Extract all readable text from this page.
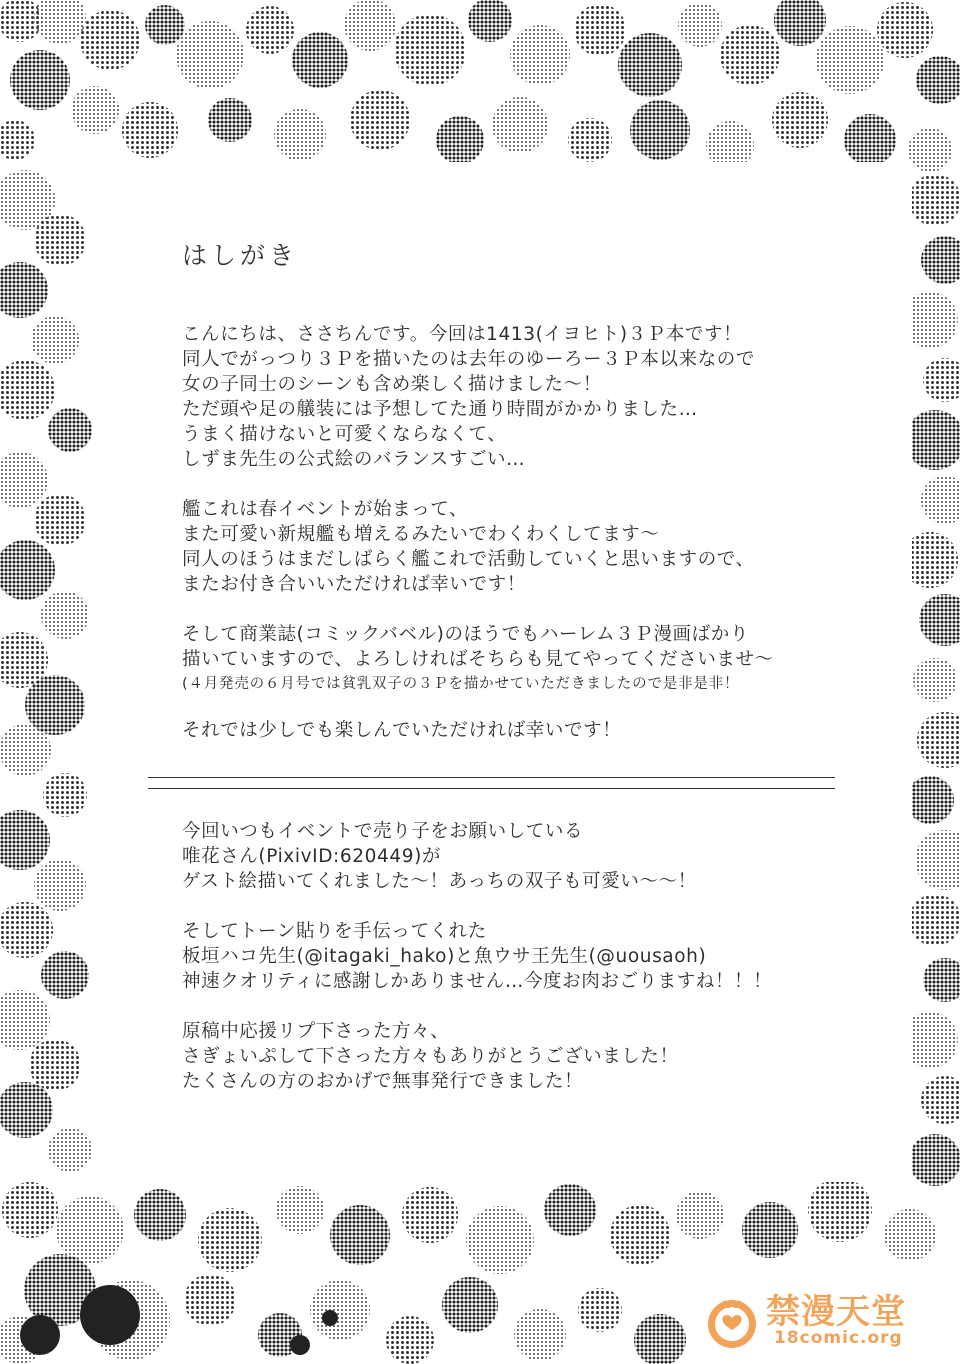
はしがき
こんにちは、ささちんです。今回は1413(イヨヒト)３Ｐ本です！
同人でがっつり３Ｐを描いたのは去年のゆーろー３Ｐ本以来なので
女の子同士のシーンも含め楽しく描けました～！
ただ頭や足の艤装には予想してた通り時間がかかりました…
うまく描けないと可愛くならなくて、
しずま先生の公式絵のバランスすごい…
艦これは春イベントが始まって、
また可愛い新規艦も増えるみたいでわくわくしてます～
同人のほうはまだしばらく艦これで活動していくと思いますので、
またお付き合いいただければ幸いです！
そして商業誌(コミックバベル)のほうでもハーレム３Ｐ漫画ばかり
描いていますので、よろしければそちらも見てやってくださいませ～
(４月発売の６月号では貧乳双子の３Ｐを描かせていただきましたので是非是非！
それでは少しでも楽しんでいただければ幸いです！
今回いつもイベントで売り子をお願いしている
唯花さん(PixivID:620449)が
ゲスト絵描いてくれました～！あっちの双子も可愛い～～！
そしてトーン貼りを手伝ってくれた
板垣ハコ先生(@itagaki_hako)と魚ウサ王先生(@uousaoh)
神速クオリティに感謝しかありません…今度お肉おごりますね！！！
原稿中応援リプ下さった方々、
さぎょいぷして下さった方々もありがとうございました！
たくさんの方のおかげで無事発行できました！
禁漫天堂
18comic.org
